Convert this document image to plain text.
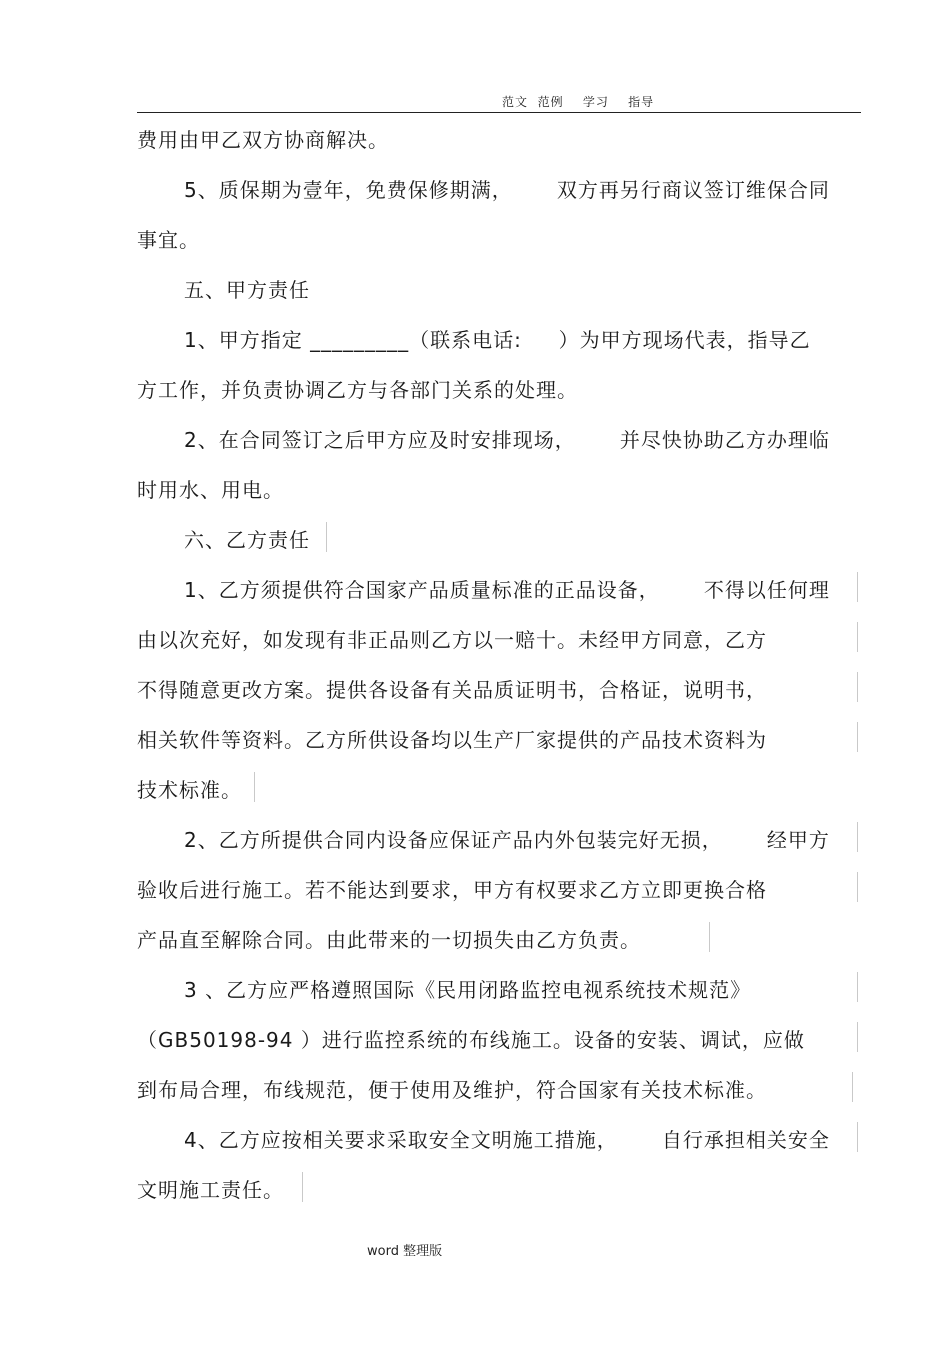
范文  范例    学习    指导
费用由甲乙双方协商解决。
5、质保期为壹年，免费保修期满，      双方再另行商议签订维保合同
事宜。
五、甲方责任
1、甲方指定 _________（联系电话:     ）为甲方现场代表，指导乙
方工作，并负责协调乙方与各部门关系的处理。
2、在合同签订之后甲方应及时安排现场，      并尽快协助乙方办理临
时用水、用电。
六、乙方责任
1、乙方须提供符合国家产品质量标准的正品设备，      不得以任何理
由以次充好，如发现有非正品则乙方以一赔十。未经甲方同意，乙方
不得随意更改方案。提供各设备有关品质证明书，合格证，说明书，
相关软件等资料。乙方所供设备均以生产厂家提供的产品技术资料为
技术标准。
2、乙方所提供合同内设备应保证产品内外包装完好无损，      经甲方
验收后进行施工。若不能达到要求，甲方有权要求乙方立即更换合格
产品直至解除合同。由此带来的一切损失由乙方负责。
3 、乙方应严格遵照国际《民用闭路监控电视系统技术规范》
（GB50198-94 ）进行监控系统的布线施工。设备的安装、调试，应做
到布局合理，布线规范，便于使用及维护，符合国家有关技术标准。
4、乙方应按相关要求采取安全文明施工措施，      自行承担相关安全
文明施工责任。
word 整理版
